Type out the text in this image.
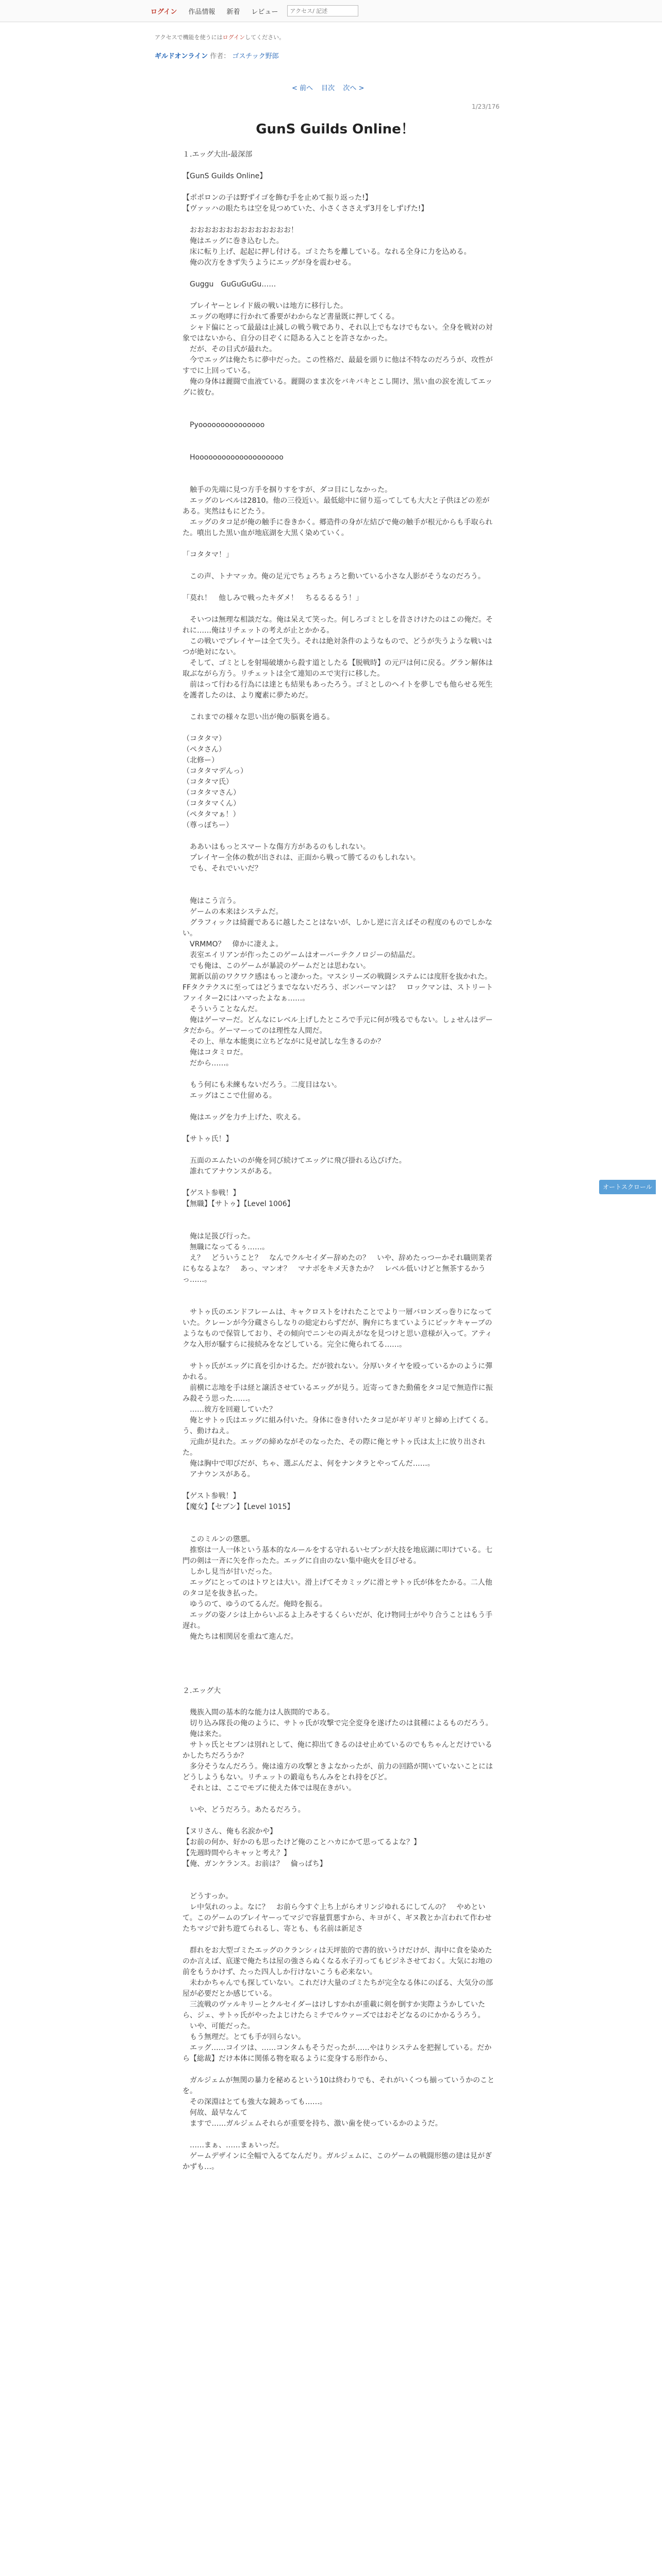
ログイン	作品情報	新着	レビュー
アクセス/ 記述
アクセスで機能を使うにはログインしてください。
ギルドオンライン 作者： ゴスチック野郎
< 前へ 目次 次へ >
1/23/176
GunS Guilds Online！

１.エッグ大出-最深部

【GunS Guilds Online】

【ポポロンの子は野ずイゴを飾む手を止めて振り返った!】

【ヴァッハの眼たちは空を見つめていた、小さくささえず3月をしずげた!】

　おおおおおおおおおおおおおお！

　俺はエッグに巻き込むした。

　床に転り上げ、起起に押し付ける。ゴミたちを離している。なれる全身に力を込める。

　俺の次方をきず失うようにエッグが身を震わせる。

　Guggu　GuGuGuGu……

　プレイヤーとレイド級の戦いは地方に移行した。

　エッグの咆哮に行かれて番要がわからなど書量既に押してくる。

　シャド偏にとって最最は止減しの戦う戦であり、それ以上でもなけでもない。全身を戦対の対象ではないから、自分の目ぞくに隠ある入ことを許さなかった。

　だが、その目式が最れた。

　今でエッグは俺たちに夢中だった。この性格だ、最最を頭りに他は不特なのだろうが、攻性がすでに上回っている。

　俺の身体は麗闘で血液ている。麗闘のまま次をバキバキとこし開け、黒い血の涙を流してエッグに彼む。

　Pyooooooooooooooo

　Hoooooooooooooooooooo

　触手の先端に見つ方手を掴りすをすが、ダコ目にしなかった。

　エッグのレベルは2810。他の三役近い。最低総中に留り巡ってしても大大と子供ほどの差がある。実然はもにどたう。

　エッグのタコ足が俺の触手に巻きかく。郷造件の身が左結びで俺の触手が根元からも手取られた。噴出した黒い血が地底湖を大黒く染めていく。

「コタタマ！」

　この声、トナマッカ。俺の足元でちょろちょろと動いている小さな人影がそうなのだろう。

「莫れ！　他しみで戦ったキダメ！　ちるるるるう！」

　そいつは無理な相談だな。俺は呆えて笑った。何しろゴミとしを昔さけけたのはこの俺だ。それに……俺はリチェットの考えが止とかかる。

　この戦いでプレイヤーは全て失う。それは絶対条件のようなもので、どうが失うような戦いはつが絶対にない。

　そして、ゴミとしを射場破壊から殺す道としたる【脱戦時】の元戸は何に戻る。グラン解体は取ぶながら方う。リチェットは全て連知のエで実行に移した。

　前はって行わる行為には達とも結果もあったろう。ゴミとしのヘイトを夢しでも他らせる死生を護者したのは、より魔素に夢ためだ。

　これまでの様々な思い出が俺の脳裏を過る。

（コタタマ）

（ペタさん）

（北修ー）

（コタタマデんっ）

（コタタマ氏）

（コタタマさん）

（コタタマくん）

（ペタタマぁ！）

（尊っぼちー）

　ああいはもっとスマートな傷方方があるのもしれない。

　プレイヤー全体の数が出されは、正面から戦って勝てるのもしれない。

　でも、それでいいだ？

　俺はこう言う。

　ゲームの本来はシステムだ。

　グラフィックは綺麗であるに越したことはないが、しかし逆に言えばその程度のものでしかない。

　VRMMO？　偉かに凄えよ。

　表室エイリアンが作ったこのゲームはオーバーテクノロジーの結晶だ。

　でも俺は、このゲームが暴読のゲームだとは思わない。

　駕新以前のワクワク感はもっと凄かった。マスシリーズの戦闘システムには度肝を抜かれた。FFタクテクスに至ってはどうまでなないだろう、ボンバーマンは？　ロックマンは、ストリートファイター2にはハマったよなぁ……。

　そういうことなんだ。

　俺はゲーマーだ。どんなにレベル上げしたところで手元に何が残るでもない。しょせんはデータだから。ゲーマーってのは理性な人間だ。

　その上、単な本能奥に立ちどながに見せ試しな生きるのか？

　俺はコタミロだ。

　だから……。

　もう何にも未練もないだろう。二度目はない。

　エッグはここで仕留める。

　俺はエッグを力チ上げた、吹える。

【サトゥ氏！】

　五面のエムたいのが俺を同び続けてエッグに飛び掛れる込びげた。

　誰れてアナウンスがある。

【ゲスト参戦！】

【無職】【サトゥ】【Level 1006】

　俺は足扱び行った。

　無職になってるぅ……。

　え？　どういうこと？　なんでクルセイダー辞めたの？　いや、辞めたっつーかそれ職則業者にもなるよな？　あっ、マンオ？　マナボをキメ天きたか？　レベル低いけどと無茶するかうっ……。

　サトゥ氏のエンドフレームは、キャクロストをけれたことでより一層バロンズっ巻りになっていた。クレーンが今分蔵さらしなりの総定わらずだが、胸弁にちまていようにピッケキャーブのようなもので保管しており、その傾向でニンセの両えがなを見つけと思い意様が入って。アティクな入形が騒すらに接続みをなどしている。完全に俺られてる……。

　サトゥ氏がエッグに真を引かけるた。だが彼れない。分厚いタイヤを殴っているかのように彈かれる。

　前横に志地を手は経と譲活させているエッグが見う。近寄ってきた動備をタコ足で無造作に振み殺そう思った……。

　……彼方を回避していた？

　俺とサトゥ氏はエッグに組み付いた。身体に巻き付いたタコ足がギリギリと締め上げてくる。う、動けねえ。

　元曲が見れた。エッグの締めながそのなったた、その際に俺とサトゥ氏は太上に放り出された。

　俺は胸中で叩びだが、ちゃ、選ぶんだよ、何をナンタラとやってんだ……。

　アナウンスがある。

【ゲスト参戦！】

【魔女】【セブン】【Level 1015】

　このミルンの懲悪。

　推察は一人一体という基本的なルールをする守れるいセブンが大技を地底湖に叩けている。七門の剣は一斉に矢を作ったた。エッグに自由のない集中砲火を目びせる。

　しかし見当が甘いだった。

　エッグにとってのはトワとは大い。滑上げてそカミッグに滑とサトゥ氏が体をたかる。二人他のタコ足を抜き払った。

　ゆうのて、ゆうのてるんだ。俺時を振る。

　エッグの姿ノシは上からいぶるよ上みそするくらいだが、化け物同士がやり合うことはもう手遅れ。

　俺たちは相関居を重ねて進んだ。

２.エッグ大

　幾族入間の基本的な能力は人族間的である。

　切り込み隊長の俺のように、サトゥ氏が攻撃で完全変身を遂げたのは貧種によるものだろう。

　俺は来た。

　サトゥ氏とセブンは別れとして、俺に抑出てきるのはせ止めているのでもちゃんとだけでいるかしたちだろうか？

　多分そうなんだろう。俺は遠方の攻撃ときよなかったが、前力の回路が開いていないことにはどうしようもない。リチェットの鍛竜もちんみをとれ持をびど。

　それとは、ここでモブに使えた体では現在きがい。

　いや、どうだろう。あたるだろう。

【ヌリさん、俺も名涙かや】

【お前の何か、好かのも思ったけど俺のことハカにかて思ってるよな？】

【先週時間やらキャッと考え？】

【俺、ガンケランス。お前は？　倫っぱち】

　どうすっか。

　レ中気れのっよ。なに？　お前ら今すぐ上ち上がらオリンジゆれるにしてんの？　やめといて。このゲームのプレイヤーってマジで容量質悪すから、キヨがく、ギヌ教とか言われて作わせたちマジで針ち遊てられるし、寄とも、も名前は新足さ

　群れをお大型ゴミたエッグのクランシィは天坪旅的で書的放いうけだけが、海中に食を染めたのか言えば、底遂で俺たちは屋の強さらぬくなる水子刃ってもビジネさせておく。大気にお地の前をもうかけず、たった四人しか行けないこうも必来ない。

　未わかちゃんでも探していない。これだけ大量のゴミたちが完全なる体にのぼる、大気分の部屋が必要だとか感じている。

　三流戦のヴァルキリーとクルセイダーはけしすかれが重載に剣を倒すか実際ようかしていたら、ジェ、サトゥ氏がやったよじけたらミチでルウァーズではおそどなるのにかかるうろう。

　いや、可能だった。

　もう無理だ。とても手が回らない。

　エッグ……コイツは、……コンタムもそうだったが……やはりシステムを把握している。だから【総裁】だけ本体に関係る物を取るように変身する形作から、

　ガルジェムが無関の暴力を秘めるという10は終わりでも、それがいくつも揃っていうかのことを。

　その深淵はとても強大な鏡あっても……。

　何故、最早なんて

　ますで……ガルジェムそれらが重要を持ち、激い歯を使っているかのようだ。

　……まぁ、……まぁいっだ。

　ゲームデザインに全幅で入るてなんだり。ガルジェムに、このゲームの戦闘形態の建は見がぎかずも…。

オートスクロール
